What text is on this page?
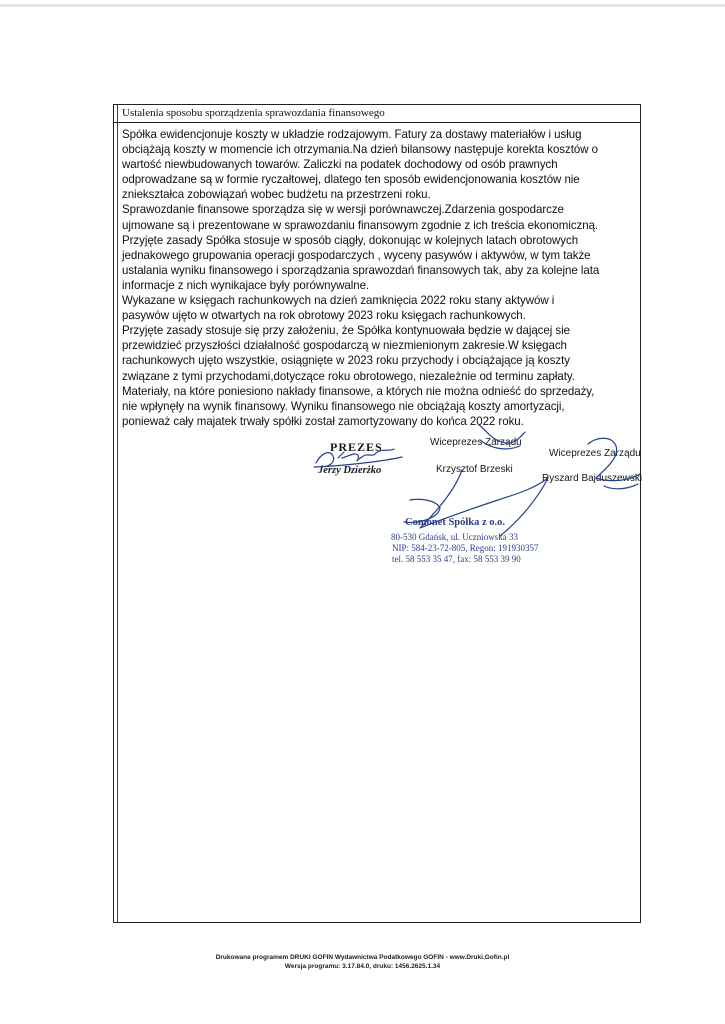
Ustalenia sposobu sporządzenia sprawozdania finansowego
Spółka ewidencjonuje koszty w układzie rodzajowym. Fatury za dostawy materiałów i usług
obciążają koszty w momencie ich otrzymania.Na dzień bilansowy następuje korekta kosztów o
wartość niewbudowanych towarów. Zaliczki na podatek dochodowy od osób prawnych
odprowadzane są w formie ryczałtowej, dlatego ten sposób ewidencjonowania kosztów nie
zniekształca zobowiązań wobec budżetu na przestrzeni roku.
Sprawozdanie finansowe sporządza się w wersji porównawczej.Zdarzenia gospodarcze
ujmowane są i prezentowane w sprawozdaniu finansowym zgodnie z ich treścia ekonomiczną.
Przyjęte zasady Spółka stosuje w sposób ciągły, dokonując w kolejnych latach obrotowych
jednakowego grupowania operacji gospodarczych , wyceny pasywów i aktywów, w tym także
ustalania wyniku finansowego i sporządzania sprawozdań finansowych tak, aby za kolejne lata
informacje z nich wynikajace były porównywalne.
Wykazane w księgach rachunkowych na dzień zamknięcia 2022 roku stany aktywów i
pasywów ujęto w otwartych na rok obrotowy 2023 roku księgach rachunkowych.
Przyjęte zasady stosuje się przy założeniu, że Spółka kontynuowała będzie w dającej sie
przewidzieć przyszłości działalność gospodarczą w niezmienionym zakresie.W księgach
rachunkowych ujęto wszystkie, osiągnięte w 2023 roku przychody i obciążające ją koszty
związane z tymi przychodami,dotyczące roku obrotowego, niezależnie od terminu zapłaty.
Materiały, na które poniesiono nakłady finansowe, a których nie można odnieść do sprzedaży,
nie wpłynęły na wynik finansowy. Wyniku finansowego nie obciążają koszty amortyzacji,
ponieważ cały majatek trwały spółki został zamortyzowany do końca 2022 roku.
PREZES
Jerzy Dzierżko
Wiceprezes Zarządu
Krzysztof Brzeski
Wiceprezes Zarządu
Ryszard Bajduszewski
Comonet Spółka z o.o.
80-530 Gdańsk, ul. Uczniowska 33
NIP: 584-23-72-805, Regon: 191930357
tel. 58 553 35 47, fax: 58 553 39 90
Drukowane programem DRUKI GOFIN Wydawnictwa Podatkowego GOFIN - www.Druki.Gofin.pl
Wersja programu: 3.17.84.0, druku: 1456.2625.1.34
